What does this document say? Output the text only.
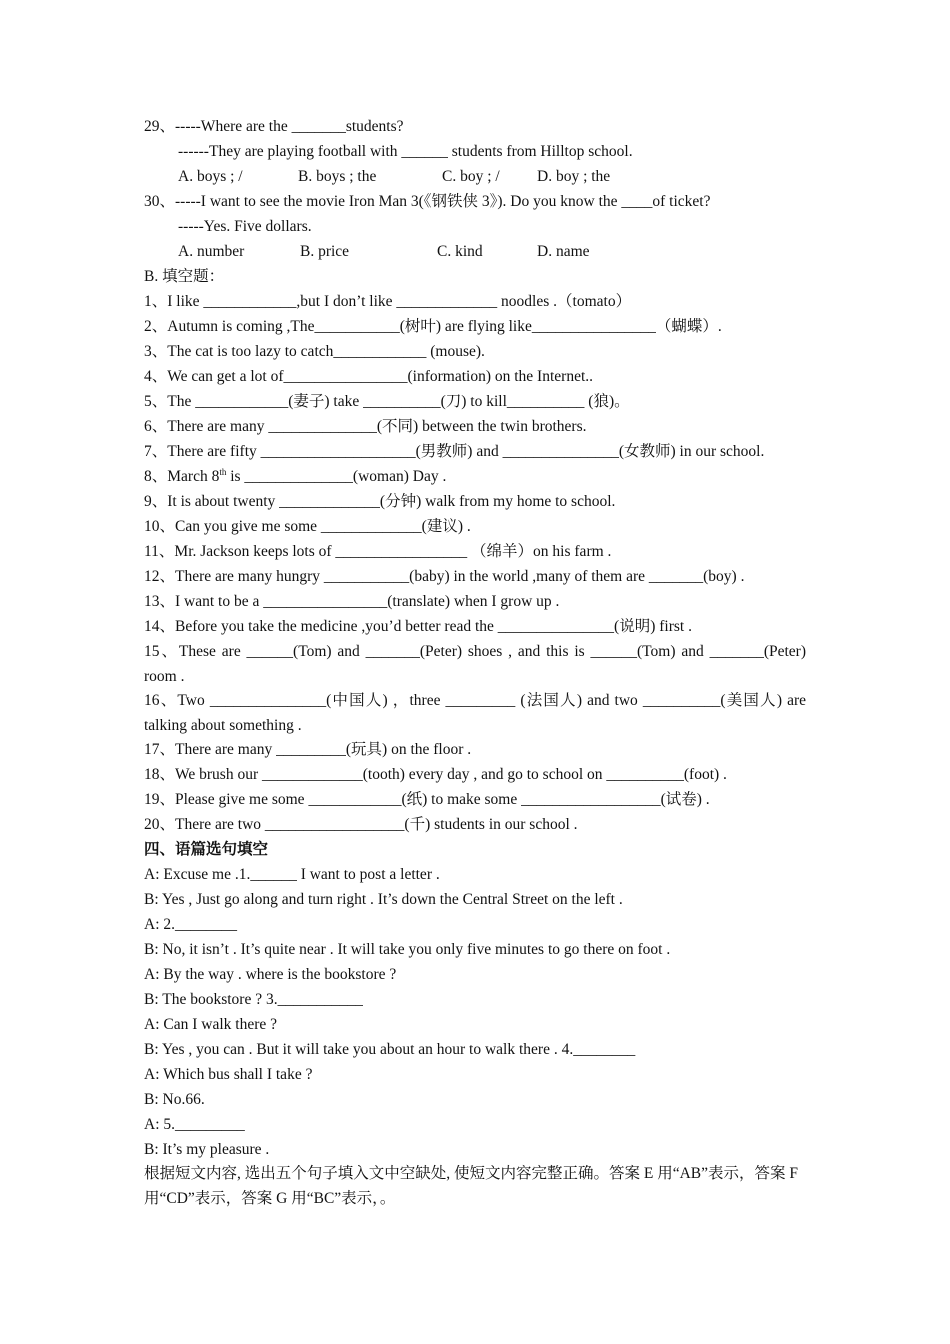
29、-----Where are the _______students?
------They are playing football with ______ students from Hilltop school.
A. boys ; /	B. boys ; the	C. boy ; / D. boy ; the
30、-----I want to see the movie Iron Man 3(《钢铁侠 3》). Do you know the ____of ticket?
-----Yes. Five dollars.
A. number	B. price	C. kind	D. name
B. 填空题：
1、I like ____________,but I don’t like _____________ noodles .（tomato）
2、Autumn is coming ,The___________(树叶) are flying like________________（蝴蝶）.
3、The cat is too lazy to catch____________ (mouse).
4、We can get a lot of________________(information) on the Internet..
5、The ____________(妻子) take __________(刀) to kill__________ (狼)。
6、There are many ______________(不同) between the twin brothers.
7、There are fifty ____________________(男教师) and _______________(女教师) in our school.
8、March 8th is ______________(woman) Day .
9、It is about twenty _____________(分钟) walk from my home to school.
10、Can you give me some _____________(建议) .
11、Mr. Jackson keeps lots of _________________ （绵羊）on his farm .
12、There are many hungry ___________(baby) in the world ,many of them are _______(boy) .
13、I want to be a ________________(translate) when I grow up .
14、Before you take the medicine ,you’d better read the _______________(说明) first .
15、These are ______(Tom) and _______(Peter) shoes , and this is ______(Tom) and _______(Peter) room .
16、Two _______________(中国人) ，three _________ (法国人) and two __________(美国人) are talking about something .
17、There are many _________(玩具) on the floor .
18、We brush our _____________(tooth) every day , and go to school on __________(foot) .
19、Please give me some ____________(纸) to make some __________________(试卷) .
20、There are two __________________(千) students in our school .
四、语篇选句填空
A: Excuse me .1.______ I want to post a letter .
B: Yes , Just go along and turn right . It’s down the Central Street on the left .
A: 2.________
B: No, it isn’t . It’s quite near . It will take you only five minutes to go there on foot .
A: By the way . where is the bookstore ?
B: The bookstore ? 3.___________
A: Can I walk there ?
B: Yes , you can . But it will take you about an hour to walk there . 4.________
A: Which bus shall I take ?
B: No.66.
A: 5._________
B: It’s my pleasure .
根据短文内容, 选出五个句子填入文中空缺处, 使短文内容完整正确。答案 E 用“AB”表示，答案 F 用“CD”表示，答案 G 用“BC”表示，。
